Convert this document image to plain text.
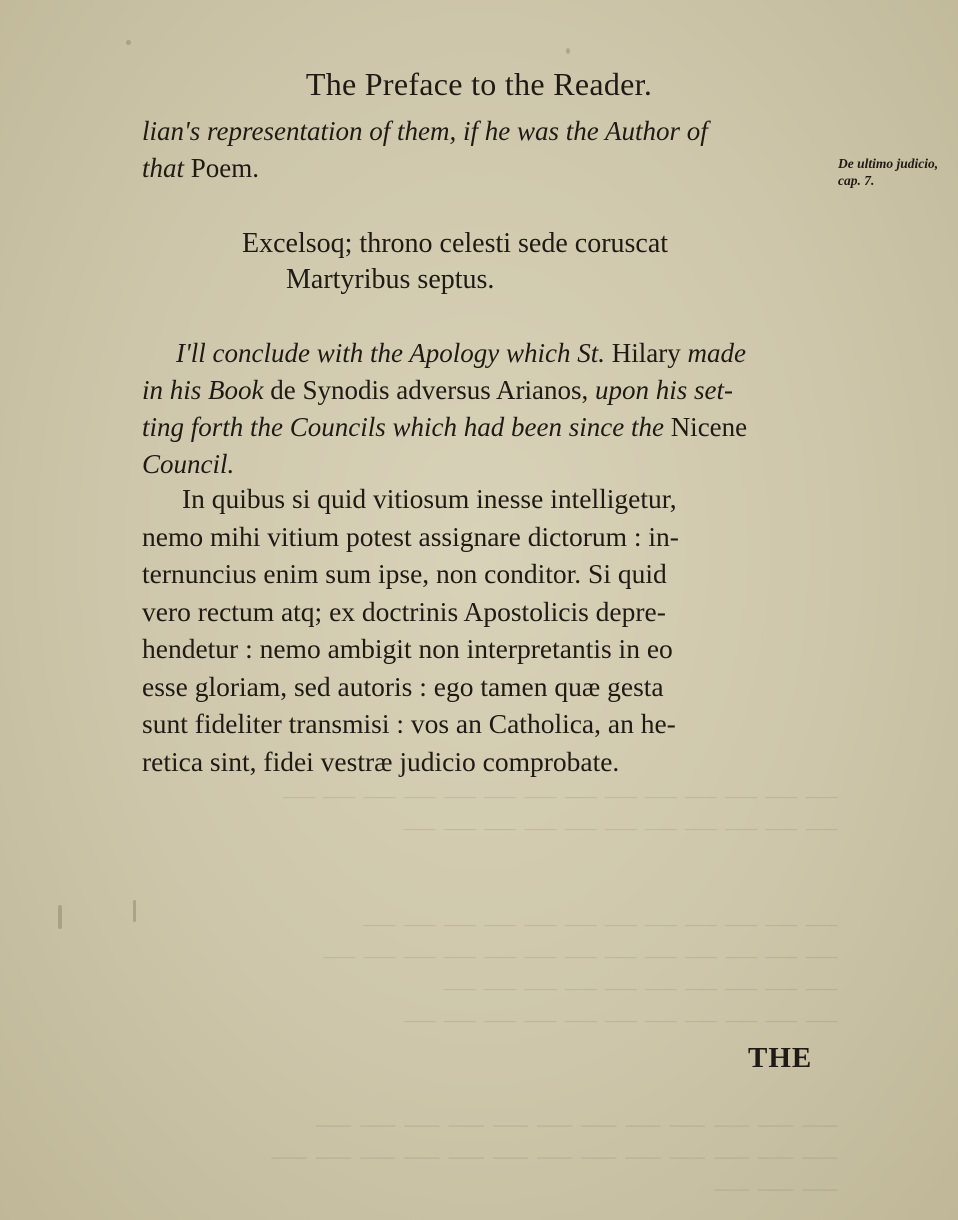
⸺ ⸺ ⸺ ⸺ ⸺ ⸺ ⸺ ⸺ ⸺ ⸺ ⸺ ⸺ ⸺ ⸺
⸺ ⸺ ⸺ ⸺ ⸺ ⸺ ⸺ ⸺ ⸺ ⸺ ⸺

⸺ ⸺ ⸺ ⸺ ⸺ ⸺ ⸺ ⸺ ⸺ ⸺ ⸺ ⸺
⸺ ⸺ ⸺ ⸺ ⸺ ⸺ ⸺ ⸺ ⸺ ⸺ ⸺ ⸺ ⸺
⸺ ⸺ ⸺ ⸺ ⸺ ⸺ ⸺ ⸺ ⸺ ⸺
⸺ ⸺ ⸺ ⸺ ⸺ ⸺ ⸺ ⸺ ⸺ ⸺ ⸺
⸺ ⸺ ⸺ ⸺ ⸺ ⸺ ⸺ ⸺ ⸺ ⸺ ⸺ ⸺
⸺ ⸺ ⸺ ⸺ ⸺ ⸺ ⸺ ⸺ ⸺ ⸺ ⸺ ⸺ ⸺
⸺ ⸺ ⸺
The Preface to the Reader.
lian's representation of them, if he was the Author of
that Poem.	De ultimo judicio, cap. 7.
Excelsoq; throno celesti sede coruscat
Martyribus septus.
I'll conclude with the Apology which St. Hilary made
in his Book de Synodis adversus Arianos, upon his set-
ting forth the Councils which had been since the Nicene
Council.
In quibus si quid vitiosum inesse intelligetur,
nemo mihi vitium potest assignare dictorum : in-
ternuncius enim sum ipse, non conditor. Si quid
vero rectum atq; ex doctrinis Apostolicis depre-
hendetur : nemo ambigit non interpretantis in eo
esse gloriam, sed autoris : ego tamen quæ gesta
sunt fideliter transmisi : vos an Catholica, an he-
retica sint, fidei vestræ judicio comprobate.
THE
